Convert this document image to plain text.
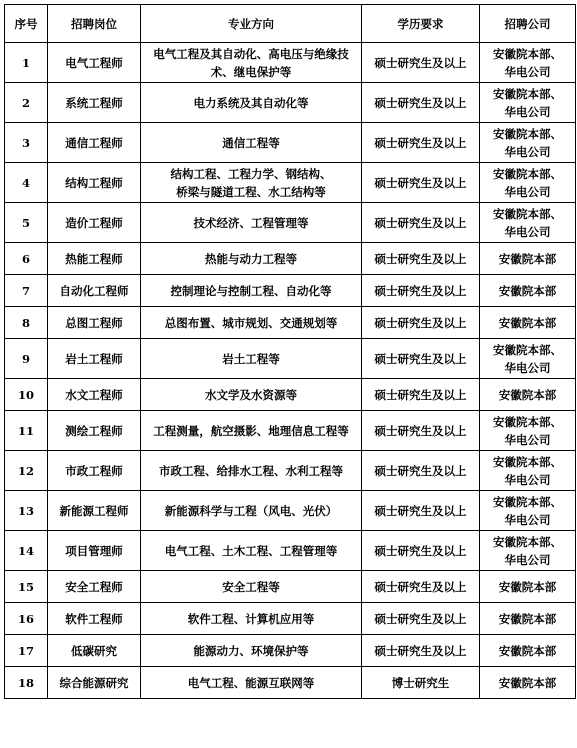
序号	招聘岗位	专业方向	学历要求	招聘公司
1	电气工程师	电气工程及其自动化、高电压与绝缘技
术、继电保护等	硕士研究生及以上	安徽院本部、
华电公司
2	系统工程师	电力系统及其自动化等	硕士研究生及以上	安徽院本部、
华电公司
3	通信工程师	通信工程等	硕士研究生及以上	安徽院本部、
华电公司
4	结构工程师	结构工程、工程力学、钢结构、
桥梁与隧道工程、水工结构等	硕士研究生及以上	安徽院本部、
华电公司
5	造价工程师	技术经济、工程管理等	硕士研究生及以上	安徽院本部、
华电公司
6	热能工程师	热能与动力工程等	硕士研究生及以上	安徽院本部
7	自动化工程师	控制理论与控制工程、自动化等	硕士研究生及以上	安徽院本部
8	总图工程师	总图布置、城市规划、交通规划等	硕士研究生及以上	安徽院本部
9	岩土工程师	岩土工程等	硕士研究生及以上	安徽院本部、
华电公司
10	水文工程师	水文学及水资源等	硕士研究生及以上	安徽院本部
11	测绘工程师	工程测量，航空摄影、地理信息工程等	硕士研究生及以上	安徽院本部、
华电公司
12	市政工程师	市政工程、给排水工程、水利工程等	硕士研究生及以上	安徽院本部、
华电公司
13	新能源工程师	新能源科学与工程（风电、光伏）	硕士研究生及以上	安徽院本部、
华电公司
14	项目管理师	电气工程、土木工程、工程管理等	硕士研究生及以上	安徽院本部、
华电公司
15	安全工程师	安全工程等	硕士研究生及以上	安徽院本部
16	软件工程师	软件工程、计算机应用等	硕士研究生及以上	安徽院本部
17	低碳研究	能源动力、环境保护等	硕士研究生及以上	安徽院本部
18	综合能源研究	电气工程、能源互联网等	博士研究生	安徽院本部
